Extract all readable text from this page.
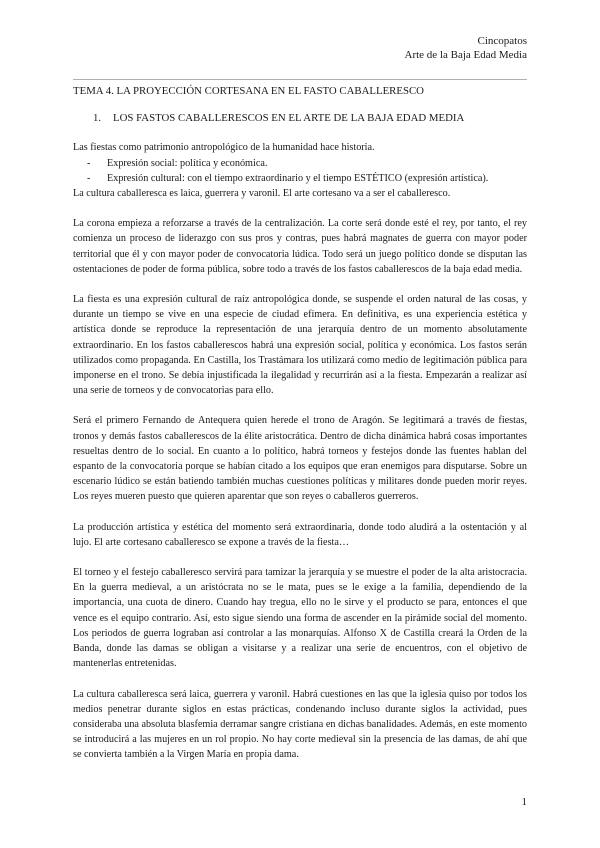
Cincopatos
Arte de la Baja Edad Media
TEMA 4. LA PROYECCIÓN CORTESANA EN EL FASTO CABALLERESCO
1.	LOS FASTOS CABALLERESCOS EN EL ARTE DE LA BAJA EDAD MEDIA

Las fiestas como patrimonio antropológico de la humanidad hace historia.

-	Expresión social: política y económica.
-	Expresión cultural: con el tiempo extraordinario y el tiempo ESTÉTICO (expresión artística).

La cultura caballeresca es laica, guerrera y varonil. El arte cortesano va a ser el caballeresco.

La corona empieza a reforzarse a través de la centralización. La corte será donde esté el rey, por tanto, el rey comienza un proceso de liderazgo con sus pros y contras, pues habrá magnates de guerra con mayor poder territorial que él y con mayor poder de convocatoria lúdica. Todo será un juego político donde se disputan las ostentaciones de poder de forma pública, sobre todo a través de los fastos caballerescos de la baja edad media.

La fiesta es una expresión cultural de raíz antropológica donde, se suspende el orden natural de las cosas, y durante un tiempo se vive en una especie de ciudad efímera. En definitiva, es una experiencia estética y artística donde se reproduce la representación de una jerarquía dentro de un momento absolutamente extraordinario. En los fastos caballerescos habrá una expresión social, política y económica. Los fastos serán utilizados como propaganda. En Castilla, los Trastámara los utilizará como medio de legitimación pública para imponerse en el trono. Se debía injustificada la ilegalidad y recurrirán así a la fiesta. Empezarán a realizar así una serie de torneos y de convocatorias para ello.

Será el primero Fernando de Antequera quien herede el trono de Aragón. Se legitimará a través de fiestas, tronos y demás fastos caballerescos de la élite aristocrática. Dentro de dicha dinámica habrá cosas importantes resueltas dentro de lo social. En cuanto a lo político, habrá torneos y festejos donde las fuentes hablan del espanto de la convocatoria porque se habían citado a los equipos que eran enemigos para disputarse. Sobre un escenario lúdico se están batiendo también muchas cuestiones políticas y militares donde pueden morir reyes. Los reyes mueren puesto que quieren aparentar que son reyes o caballeros guerreros.

La producción artística y estética del momento será extraordinaria, donde todo aludirá a la ostentación y al lujo. El arte cortesano caballeresco se expone a través de la fiesta…

El torneo y el festejo caballeresco servirá para tamizar la jerarquía y se muestre el poder de la alta aristocracia. En la guerra medieval, a un aristócrata no se le mata, pues se le exige a la familia, dependiendo de la importancia, una cuota de dinero. Cuando hay tregua, ello no le sirve y el producto se para, entonces el que vence es el equipo contrario. Así, esto sigue siendo una forma de ascender en la pirámide social del momento. Los periodos de guerra lograban así controlar a las monarquías. Alfonso X de Castilla creará la Orden de la Banda, donde las damas se obligan a visitarse y a realizar una serie de encuentros, con el objetivo de mantenerlas entretenidas.

La cultura caballeresca será laica, guerrera y varonil. Habrá cuestiones en las que la iglesia quiso por todos los medios penetrar durante siglos en estas prácticas, condenando incluso durante siglos la actividad, pues consideraba una absoluta blasfemia derramar sangre cristiana en dichas banalidades. Además, en este momento se introducirá a las mujeres en un rol propio. No hay corte medieval sin la presencia de las damas, de ahí que se convierta también a la Virgen María en propia dama.

1
